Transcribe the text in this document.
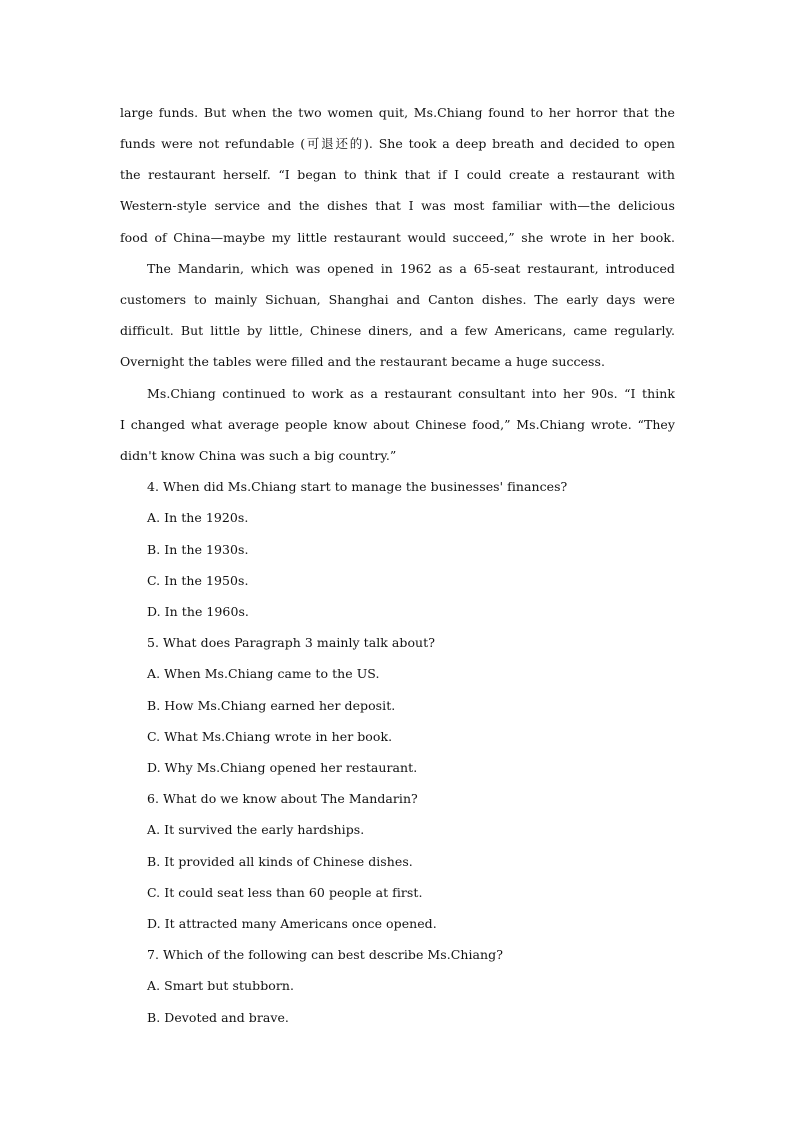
large funds. But when the two women quit, Ms.Chiang found to her horror that the
funds were not refundable (可退还的). She took a deep breath and decided to open
the restaurant herself. “I began to think that if I could create a restaurant with
Western-style service and the dishes that I was most familiar with—the delicious
food of China—maybe my little restaurant would succeed,” she wrote in her book.
The Mandarin, which was opened in 1962 as a 65-seat restaurant, introduced
customers to mainly Sichuan, Shanghai and Canton dishes. The early days were
difficult. But little by little, Chinese diners, and a few Americans, came regularly.
Overnight the tables were filled and the restaurant became a huge success.
Ms.Chiang continued to work as a restaurant consultant into her 90s. “I think
I changed what average people know about Chinese food,” Ms.Chiang wrote. “They
didn't know China was such a big country.”
4. When did Ms.Chiang start to manage the businesses' finances?
A. In the 1920s.
B. In the 1930s.
C. In the 1950s.
D. In the 1960s.
5. What does Paragraph 3 mainly talk about?
A. When Ms.Chiang came to the US.
B. How Ms.Chiang earned her deposit.
C. What Ms.Chiang wrote in her book.
D. Why Ms.Chiang opened her restaurant.
6. What do we know about The Mandarin?
A. It survived the early hardships.
B. It provided all kinds of Chinese dishes.
C. It could seat less than 60 people at first.
D. It attracted many Americans once opened.
7. Which of the following can best describe Ms.Chiang?
A. Smart but stubborn.
B. Devoted and brave.
